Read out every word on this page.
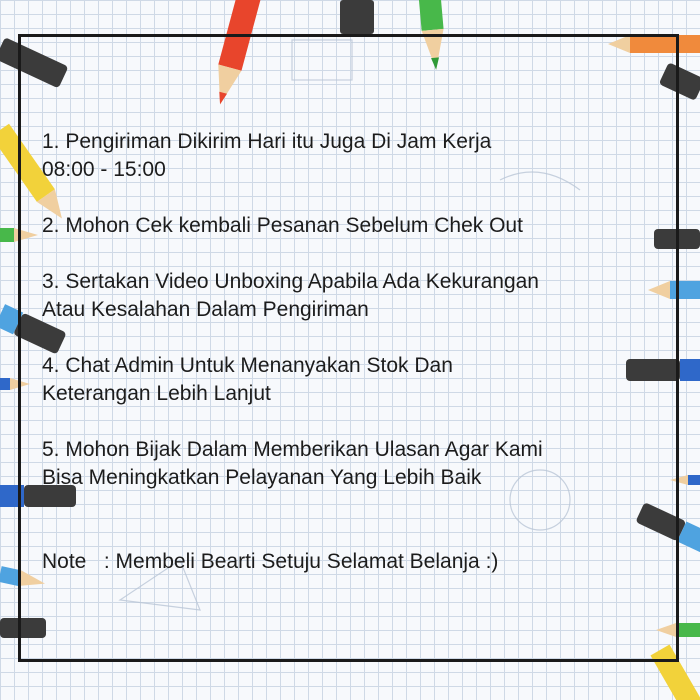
1. Pengiriman Dikirim Hari itu Juga Di Jam Kerja
08:00 - 15:00

2. Mohon Cek kembali Pesanan Sebelum Chek Out

3. Sertakan Video Unboxing Apabila Ada Kekurangan
Atau Kesalahan Dalam Pengiriman

4. Chat Admin Untuk Menanyakan Stok Dan
Keterangan Lebih Lanjut

5. Mohon Bijak Dalam Memberikan Ulasan Agar Kami
Bisa Meningkatkan Pelayanan Yang Lebih Baik

Note   : Membeli Bearti Setuju Selamat Belanja :)
